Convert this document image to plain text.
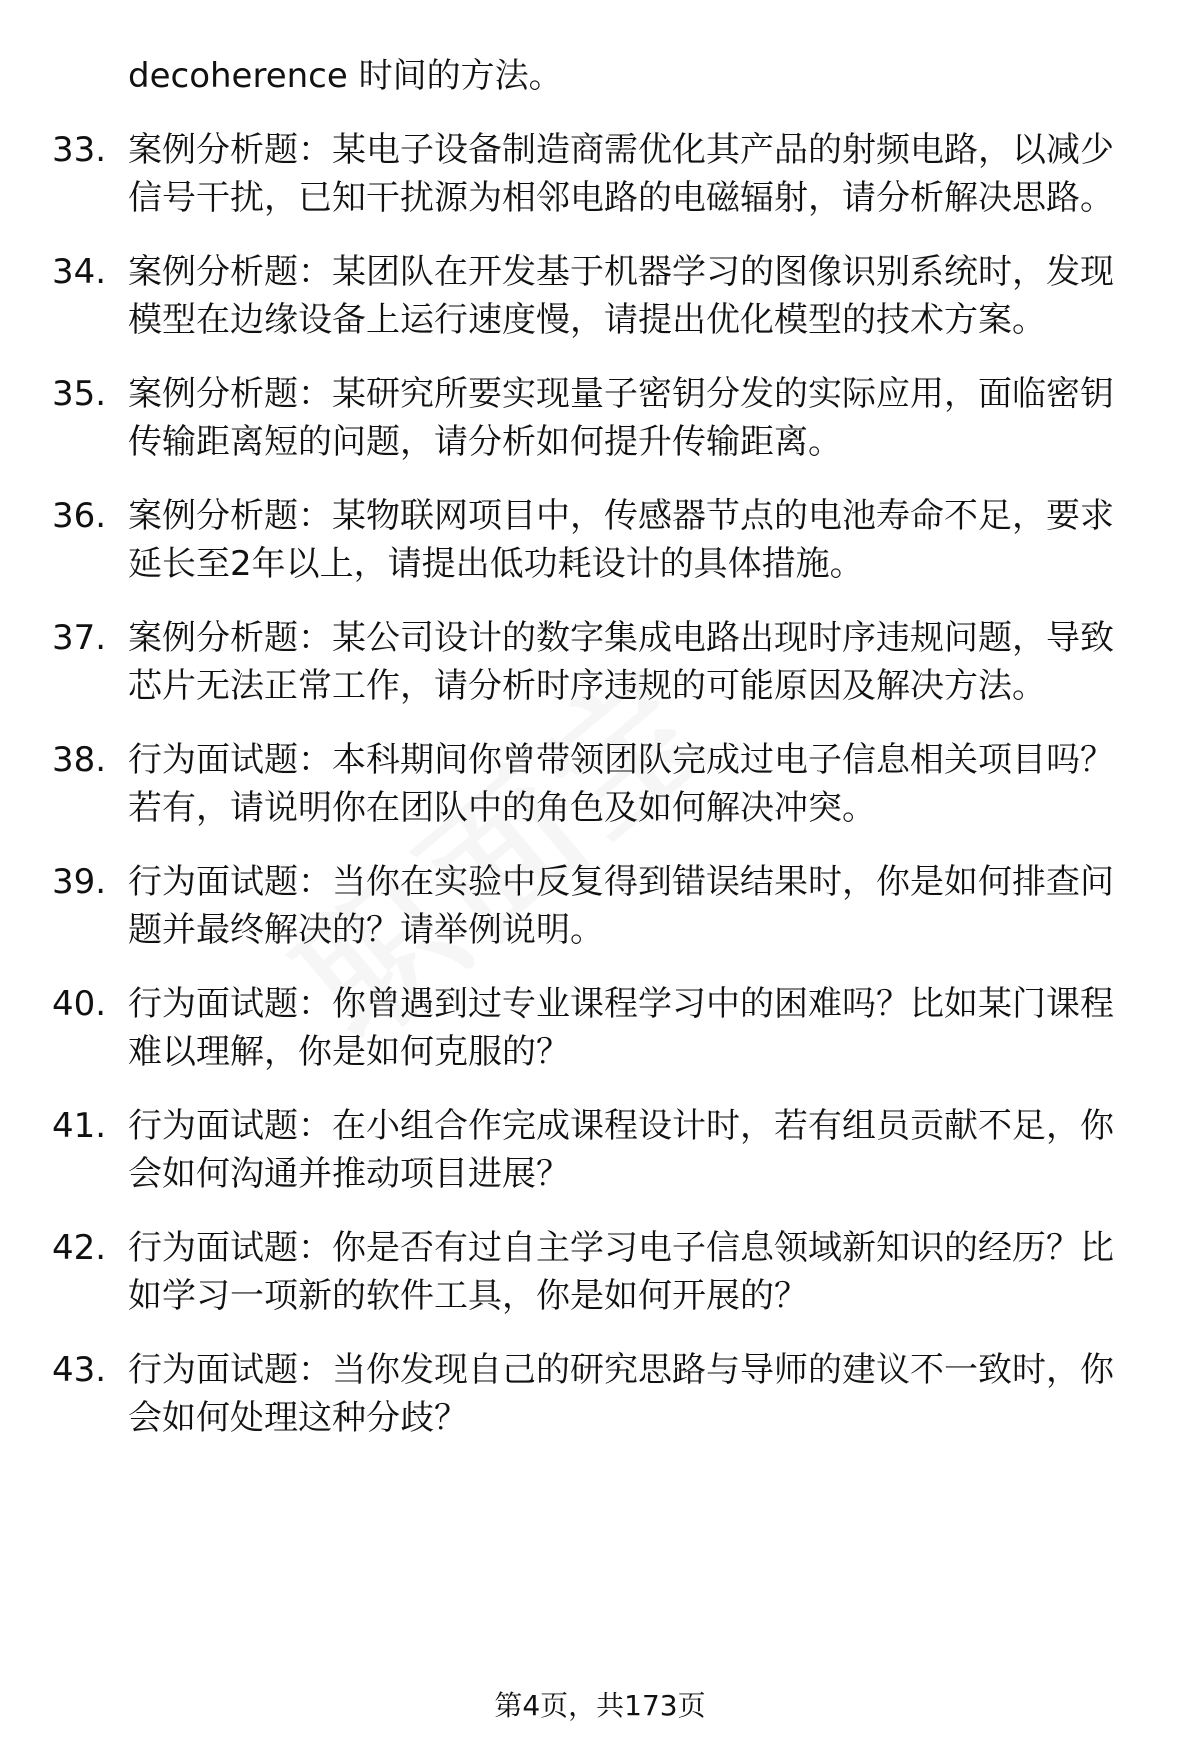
decoherence 时间的方法。
33. 案例分析题：某电子设备制造商需优化其产品的射频电路，以减少信号干扰，已知干扰源为相邻电路的电磁辐射，请分析解决思路。
34. 案例分析题：某团队在开发基于机器学习的图像识别系统时，发现模型在边缘设备上运行速度慢，请提出优化模型的技术方案。
35. 案例分析题：某研究所要实现量子密钥分发的实际应用，面临密钥传输距离短的问题，请分析如何提升传输距离。
36. 案例分析题：某物联网项目中，传感器节点的电池寿命不足，要求延长至2年以上，请提出低功耗设计的具体措施。
37. 案例分析题：某公司设计的数字集成电路出现时序违规问题，导致芯片无法正常工作，请分析时序违规的可能原因及解决方法。
38. 行为面试题：本科期间你曾带领团队完成过电子信息相关项目吗？若有，请说明你在团队中的角色及如何解决冲突。
39. 行为面试题：当你在实验中反复得到错误结果时，你是如何排查问题并最终解决的？请举例说明。
40. 行为面试题：你曾遇到过专业课程学习中的困难吗？比如某门课程难以理解，你是如何克服的？
41. 行为面试题：在小组合作完成课程设计时，若有组员贡献不足，你会如何沟通并推动项目进展？
42. 行为面试题：你是否有过自主学习电子信息领域新知识的经历？比如学习一项新的软件工具，你是如何开展的？
43. 行为面试题：当你发现自己的研究思路与导师的建议不一致时，你会如何处理这种分歧？
第4页，共173页
